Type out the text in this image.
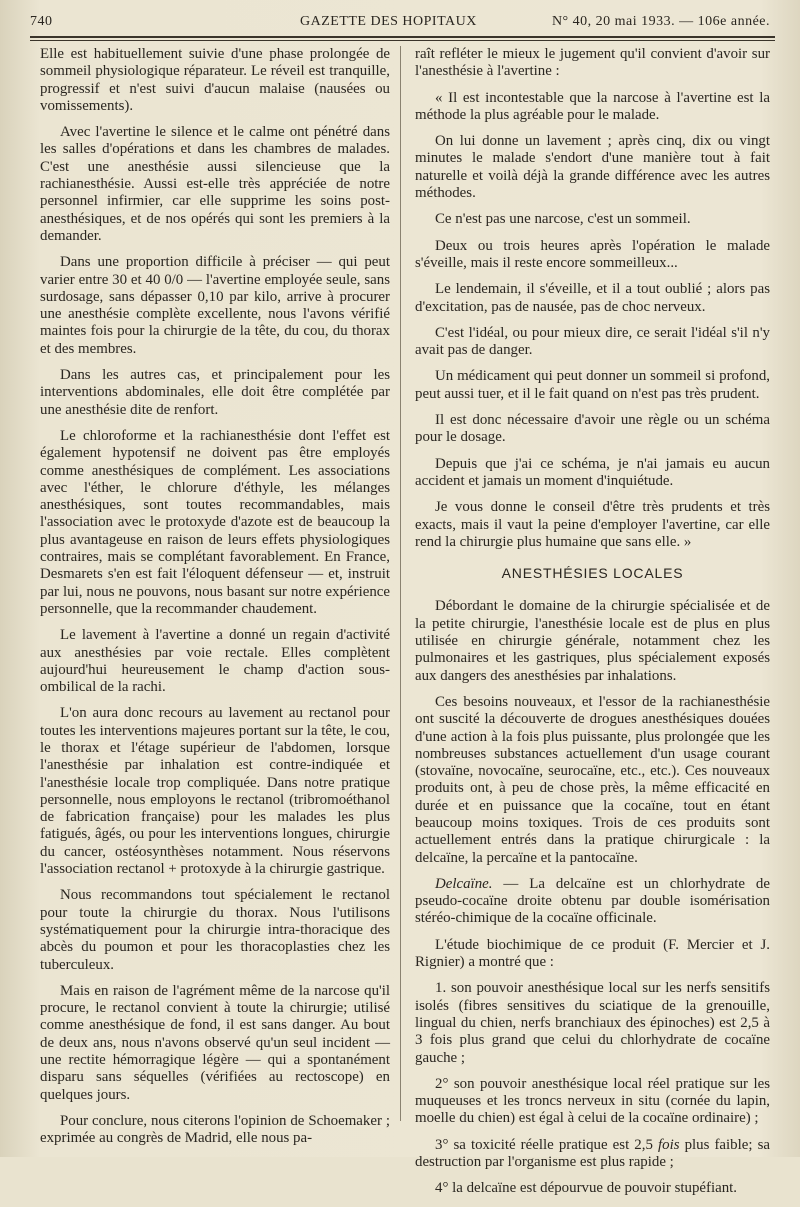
740	GAZETTE DES HOPITAUX	N° 40, 20 mai 1933. — 106e année.

Elle est habituellement suivie d'une phase prolongée de sommeil physiologique réparateur. Le réveil est tranquille, progressif et n'est suivi d'aucun malaise (nausées ou vomissements).

Avec l'avertine le silence et le calme ont pénétré dans les salles d'opérations et dans les chambres de malades. C'est une anesthésie aussi silencieuse que la rachianesthésie. Aussi est-elle très appréciée de notre personnel infirmier, car elle supprime les soins post-anesthésiques, et de nos opérés qui sont les premiers à la demander.

Dans une proportion difficile à préciser — qui peut varier entre 30 et 40 0/0 — l'avertine employée seule, sans surdosage, sans dépasser 0,10 par kilo, arrive à procurer une anesthésie complète excellente, nous l'avons vérifié maintes fois pour la chirurgie de la tête, du cou, du thorax et des membres.

Dans les autres cas, et principalement pour les interventions abdominales, elle doit être complétée par une anesthésie dite de renfort.

Le chloroforme et la rachianesthésie dont l'effet est également hypotensif ne doivent pas être employés comme anesthésiques de complément. Les associations avec l'éther, le chlorure d'éthyle, les mélanges anesthésiques, sont toutes recommandables, mais l'association avec le protoxyde d'azote est de beaucoup la plus avantageuse en raison de leurs effets physiologiques contraires, mais se complétant favorablement. En France, Desmarets s'en est fait l'éloquent défenseur — et, instruit par lui, nous ne pouvons, nous basant sur notre expérience personnelle, que la recommander chaudement.

Le lavement à l'avertine a donné un regain d'activité aux anesthésies par voie rectale. Elles complètent aujourd'hui heureusement le champ d'action sous-ombilical de la rachi.

L'on aura donc recours au lavement au rectanol pour toutes les interventions majeures portant sur la tête, le cou, le thorax et l'étage supérieur de l'abdomen, lorsque l'anesthésie par inhalation est contre-indiquée et l'anesthésie locale trop compliquée. Dans notre pratique personnelle, nous employons le rectanol (tribromoéthanol de fabrication française) pour les malades les plus fatigués, âgés, ou pour les interventions longues, chirurgie du cancer, ostéosynthèses notamment. Nous réservons l'association rectanol + protoxyde à la chirurgie gastrique.

Nous recommandons tout spécialement le rectanol pour toute la chirurgie du thorax. Nous l'utilisons systématiquement pour la chirurgie intra-thoracique des abcès du poumon et pour les thoracoplasties chez les tuberculeux.

Mais en raison de l'agrément même de la narcose qu'il procure, le rectanol convient à toute la chirurgie; utilisé comme anesthésique de fond, il est sans danger. Au bout de deux ans, nous n'avons observé qu'un seul incident — une rectite hémorragique légère — qui a spontanément disparu sans séquelles (vérifiées au rectoscope) en quelques jours.

Pour conclure, nous citerons l'opinion de Schoemaker ; exprimée au congrès de Madrid, elle nous pa-

raît refléter le mieux le jugement qu'il convient d'avoir sur l'anesthésie à l'avertine :

« Il est incontestable que la narcose à l'avertine est la méthode la plus agréable pour le malade.

On lui donne un lavement ; après cinq, dix ou vingt minutes le malade s'endort d'une manière tout à fait naturelle et voilà déjà la grande différence avec les autres méthodes.

Ce n'est pas une narcose, c'est un sommeil.

Deux ou trois heures après l'opération le malade s'éveille, mais il reste encore sommeilleux...

Le lendemain, il s'éveille, et il a tout oublié ; alors pas d'excitation, pas de nausée, pas de choc nerveux.

C'est l'idéal, ou pour mieux dire, ce serait l'idéal s'il n'y avait pas de danger.

Un médicament qui peut donner un sommeil si profond, peut aussi tuer, et il le fait quand on n'est pas très prudent.

Il est donc nécessaire d'avoir une règle ou un schéma pour le dosage.

Depuis que j'ai ce schéma, je n'ai jamais eu aucun accident et jamais un moment d'inquiétude.

Je vous donne le conseil d'être très prudents et très exacts, mais il vaut la peine d'employer l'avertine, car elle rend la chirurgie plus humaine que sans elle. »

ANESTHÉSIES LOCALES

Débordant le domaine de la chirurgie spécialisée et de la petite chirurgie, l'anesthésie locale est de plus en plus utilisée en chirurgie générale, notamment chez les pulmonaires et les gastriques, plus spécialement exposés aux dangers des anesthésies par inhalations.

Ces besoins nouveaux, et l'essor de la rachianesthésie ont suscité la découverte de drogues anesthésiques douées d'une action à la fois plus puissante, plus prolongée que les nombreuses substances actuellement d'un usage courant (stovaïne, novocaïne, seurocaïne, etc., etc.). Ces nouveaux produits ont, à peu de chose près, la même efficacité en durée et en puissance que la cocaïne, tout en étant beaucoup moins toxiques. Trois de ces produits sont actuellement entrés dans la pratique chirurgicale : la delcaïne, la percaïne et la pantocaïne.

Delcaïne. — La delcaïne est un chlorhydrate de pseudo-cocaïne droite obtenu par double isomérisation stéréo-chimique de la cocaïne officinale.

L'étude biochimique de ce produit (F. Mercier et J. Rignier) a montré que :

1. son pouvoir anesthésique local sur les nerfs sensitifs isolés (fibres sensitives du sciatique de la grenouille, lingual du chien, nerfs branchiaux des épinoches) est 2,5 à 3 fois plus grand que celui du chlorhydrate de cocaïne gauche ;

2° son pouvoir anesthésique local réel pratique sur les muqueuses et les troncs nerveux in situ (cornée du lapin, moelle du chien) est égal à celui de la cocaïne ordinaire) ;

3° sa toxicité réelle pratique est 2,5 fois plus faible; sa destruction par l'organisme est plus rapide ;

4° la delcaïne est dépourvue de pouvoir stupéfiant.
